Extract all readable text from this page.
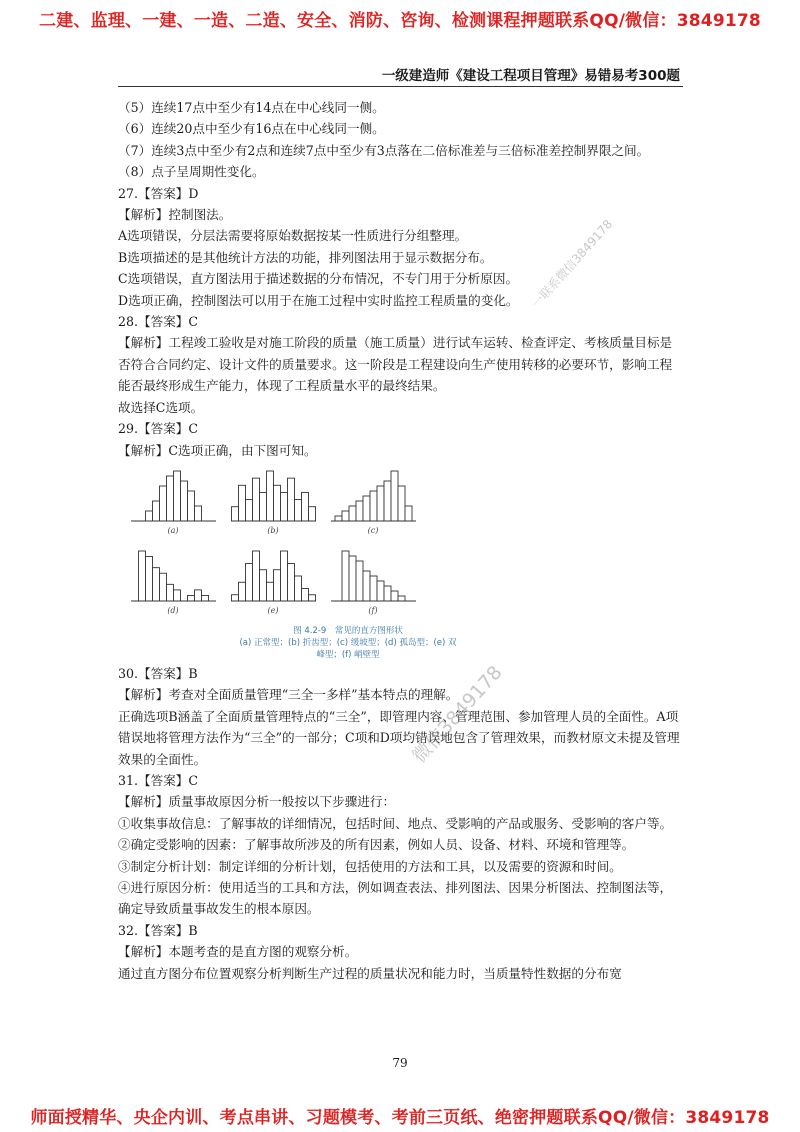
二建、监理、一建、一造、二造、安全、消防、咨询、检测课程押题联系QQ/微信：3849178
一级建造师《建设工程项目管理》易错易考300题

（5）连续17点中至少有14点在中心线同一侧。

（6）连续20点中至少有16点在中心线同一侧。

（7）连续3点中至少有2点和连续7点中至少有3点落在二倍标准差与三倍标准差控制界限之间。

（8）点子呈周期性变化。

27.【答案】D

【解析】控制图法。

A选项错误，分层法需要将原始数据按某一性质进行分组整理。

B选项描述的是其他统计方法的功能，排列图法用于显示数据分布。

C选项错误，直方图法用于描述数据的分布情况，不专门用于分析原因。

D选项正确，控制图法可以用于在施工过程中实时监控工程质量的变化。

28.【答案】C

【解析】工程竣工验收是对施工阶段的质量（施工质量）进行试车运转、检查评定、考核质量目标是否符合合同约定、设计文件的质量要求。这一阶段是工程建设向生产使用转移的必要环节，影响工程能否最终形成生产能力，体现了工程质量水平的最终结果。

故选择C选项。

29.【答案】C

【解析】C选项正确，由下图可知。

(a)	(b)	(c)
(d)	(e)	(f)
图 4.2-9　常见的直方图形状
(a) 正常型；(b) 折齿型；(c) 缓坡型；(d) 孤岛型；(e) 双峰型；(f) 峭壁型

30.【答案】B

【解析】考查对全面质量管理“三全一多样”基本特点的理解。

正确选项B涵盖了全面质量管理特点的“三全”，即管理内容、管理范围、参加管理人员的全面性。A项错误地将管理方法作为“三全”的一部分；C项和D项均错误地包含了管理效果，而教材原文未提及管理效果的全面性。

31.【答案】C

【解析】质量事故原因分析一般按以下步骤进行：

①收集事故信息：了解事故的详细情况，包括时间、地点、受影响的产品或服务、受影响的客户等。

②确定受影响的因素：了解事故所涉及的所有因素，例如人员、设备、材料、环境和管理等。

③制定分析计划：制定详细的分析计划，包括使用的方法和工具，以及需要的资源和时间。

④进行原因分析：使用适当的工具和方法，例如调查表法、排列图法、因果分析图法、控制图法等，确定导致质量事故发生的根本原因。

32.【答案】B

【解析】本题考查的是直方图的观察分析。

通过直方图分布位置观察分析判断生产过程的质量状况和能力时，当质量特性数据的分布宽

一联系微信3849178
微信3849178
79
师面授精华、央企内训、考点串讲、习题模考、考前三页纸、绝密押题联系QQ/微信：3849178
